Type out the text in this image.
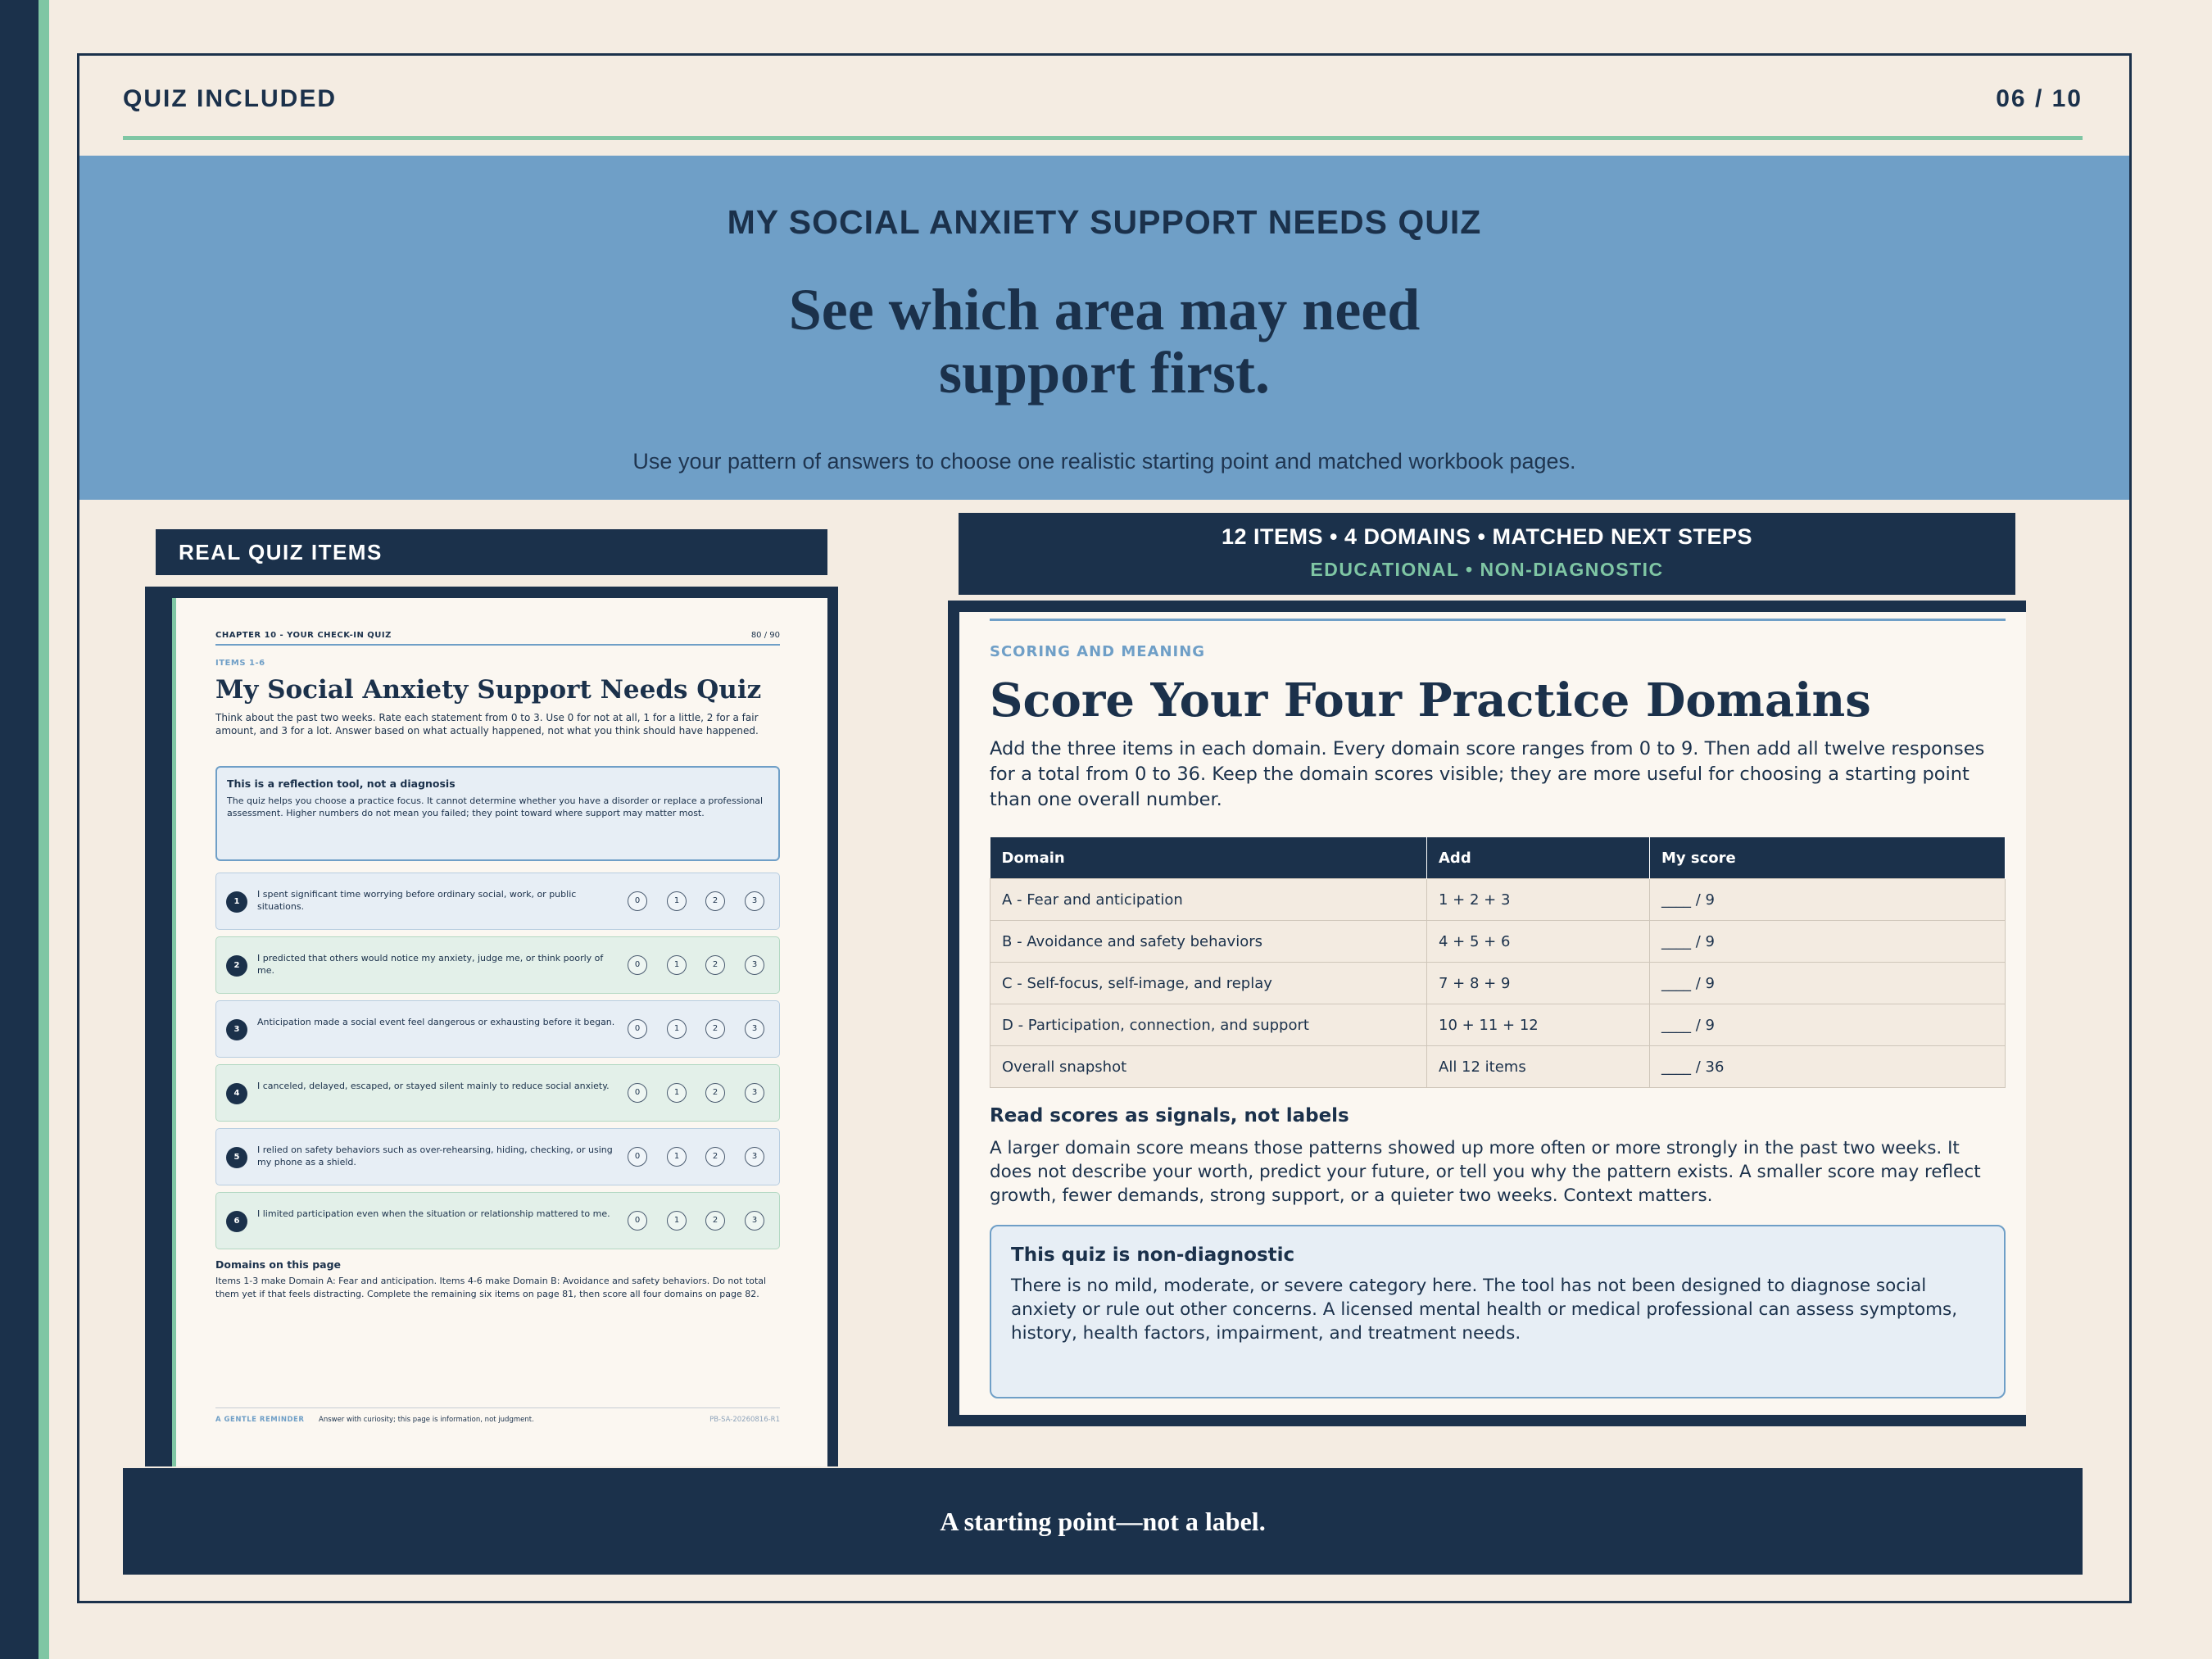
QUIZ INCLUDED	06 / 10
MY SOCIAL ANXIETY SUPPORT NEEDS QUIZ
See which area may need
support first.
Use your pattern of answers to choose one realistic starting point and matched workbook pages.
REAL QUIZ ITEMS
CHAPTER 10 - YOUR CHECK-IN QUIZ	80 / 90
ITEMS 1-6
My Social Anxiety Support Needs Quiz
Think about the past two weeks. Rate each statement from 0 to 3. Use 0 for not at all, 1 for a little, 2 for a fair amount, and 3 for a lot. Answer based on what actually happened, not what you think should have happened.
This is a reflection tool, not a diagnosis
The quiz helps you choose a practice focus. It cannot determine whether you have a disorder or replace a professional assessment. Higher numbers do not mean you failed; they point toward where support may matter most.
1
I spent significant time worrying before ordinary social, work, or public situations.
0	1	2	3
2
I predicted that others would notice my anxiety, judge me, or think poorly of me.
0	1	2	3
3
Anticipation made a social event feel dangerous or exhausting before it began.
0	1	2	3
4
I canceled, delayed, escaped, or stayed silent mainly to reduce social anxiety.
0	1	2	3
5
I relied on safety behaviors such as over-rehearsing, hiding, checking, or using my phone as a shield.
0	1	2	3
6
I limited participation even when the situation or relationship mattered to me.
0	1	2	3
Domains on this page
Items 1-3 make Domain A: Fear and anticipation. Items 4-6 make Domain B: Avoidance and safety behaviors. Do not total them yet if that feels distracting. Complete the remaining six items on page 81, then score all four domains on page 82.
A GENTLE REMINDER Answer with curiosity; this page is information, not judgment.	PB-SA-20260816-R1
12 ITEMS • 4 DOMAINS • MATCHED NEXT STEPS
EDUCATIONAL • NON-DIAGNOSTIC
SCORING AND MEANING
Score Your Four Practice Domains
Add the three items in each domain. Every domain score ranges from 0 to 9. Then add all twelve responses for a total from 0 to 36. Keep the domain scores visible; they are more useful for choosing a starting point than one overall number.
Domain	Add	My score
A - Fear and anticipation	1 + 2 + 3	____ / 9
B - Avoidance and safety behaviors	4 + 5 + 6	____ / 9
C - Self-focus, self-image, and replay	7 + 8 + 9	____ / 9
D - Participation, connection, and support	10 + 11 + 12	____ / 9
Overall snapshot	All 12 items	____ / 36
Read scores as signals, not labels
A larger domain score means those patterns showed up more often or more strongly in the past two weeks. It does not describe your worth, predict your future, or tell you why the pattern exists. A smaller score may reflect growth, fewer demands, strong support, or a quieter two weeks. Context matters.
This quiz is non-diagnostic
There is no mild, moderate, or severe category here. The tool has not been designed to diagnose social anxiety or rule out other concerns. A licensed mental health or medical professional can assess symptoms, history, health factors, impairment, and treatment needs.
A starting point—not a label.
